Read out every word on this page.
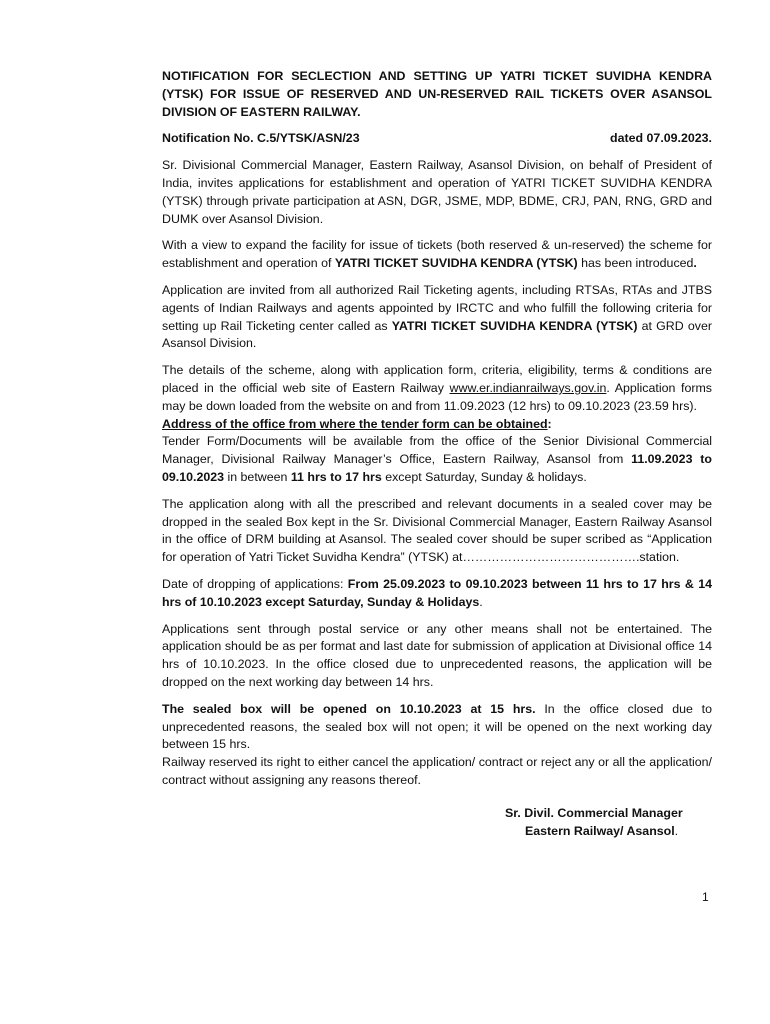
NOTIFICATION FOR SECLECTION AND SETTING UP YATRI TICKET SUVIDHA KENDRA (YTSK) FOR ISSUE OF RESERVED AND UN-RESERVED RAIL TICKETS OVER ASANSOL DIVISION OF EASTERN RAILWAY.

Notification No. C.5/YTSK/ASN/23	dated 07.09.2023.

Sr. Divisional Commercial Manager, Eastern Railway, Asansol Division, on behalf of President of India, invites applications for establishment and operation of YATRI TICKET SUVIDHA KENDRA (YTSK) through private participation at ASN, DGR, JSME, MDP, BDME, CRJ, PAN, RNG, GRD and DUMK over Asansol Division.

With a view to expand the facility for issue of tickets (both reserved & un-reserved) the scheme for establishment and operation of YATRI TICKET SUVIDHA KENDRA (YTSK) has been introduced.

Application are invited from all authorized Rail Ticketing agents, including RTSAs, RTAs and JTBS agents of Indian Railways and agents appointed by IRCTC and who fulfill the following criteria for setting up Rail Ticketing center called as YATRI TICKET SUVIDHA KENDRA (YTSK) at GRD over Asansol Division.

The details of the scheme, along with application form, criteria, eligibility, terms & conditions are placed in the official web site of Eastern Railway www.er.indianrailways.gov.in. Application forms may be down loaded from the website on and from 11.09.2023 (12 hrs) to 09.10.2023 (23.59 hrs).

Address of the office from where the tender form can be obtained:

Tender Form/Documents will be available from the office of the Senior Divisional Commercial Manager, Divisional Railway Manager’s Office, Eastern Railway, Asansol from 11.09.2023 to 09.10.2023 in between 11 hrs to 17 hrs except Saturday, Sunday & holidays.

The application along with all the prescribed and relevant documents in a sealed cover may be dropped in the sealed Box kept in the Sr. Divisional Commercial Manager, Eastern Railway Asansol in the office of DRM building at Asansol. The sealed cover should be super scribed as “Application for operation of Yatri Ticket Suvidha Kendra” (YTSK) at…………………………………….station.

Date of dropping of applications: From 25.09.2023 to 09.10.2023 between 11 hrs to 17 hrs & 14 hrs of 10.10.2023 except Saturday, Sunday & Holidays.

Applications sent through postal service or any other means shall not be entertained. The application should be as per format and last date for submission of application at Divisional office 14 hrs of 10.10.2023. In the office closed due to unprecedented reasons, the application will be dropped on the next working day between 14 hrs.

The sealed box will be opened on 10.10.2023 at 15 hrs. In the office closed due to unprecedented reasons, the sealed box will not open; it will be opened on the next working day between 15 hrs.

Railway reserved its right to either cancel the application/ contract or reject any or all the application/ contract without assigning any reasons thereof.

Sr. Divil. Commercial Manager
Eastern Railway/ Asansol.
1
